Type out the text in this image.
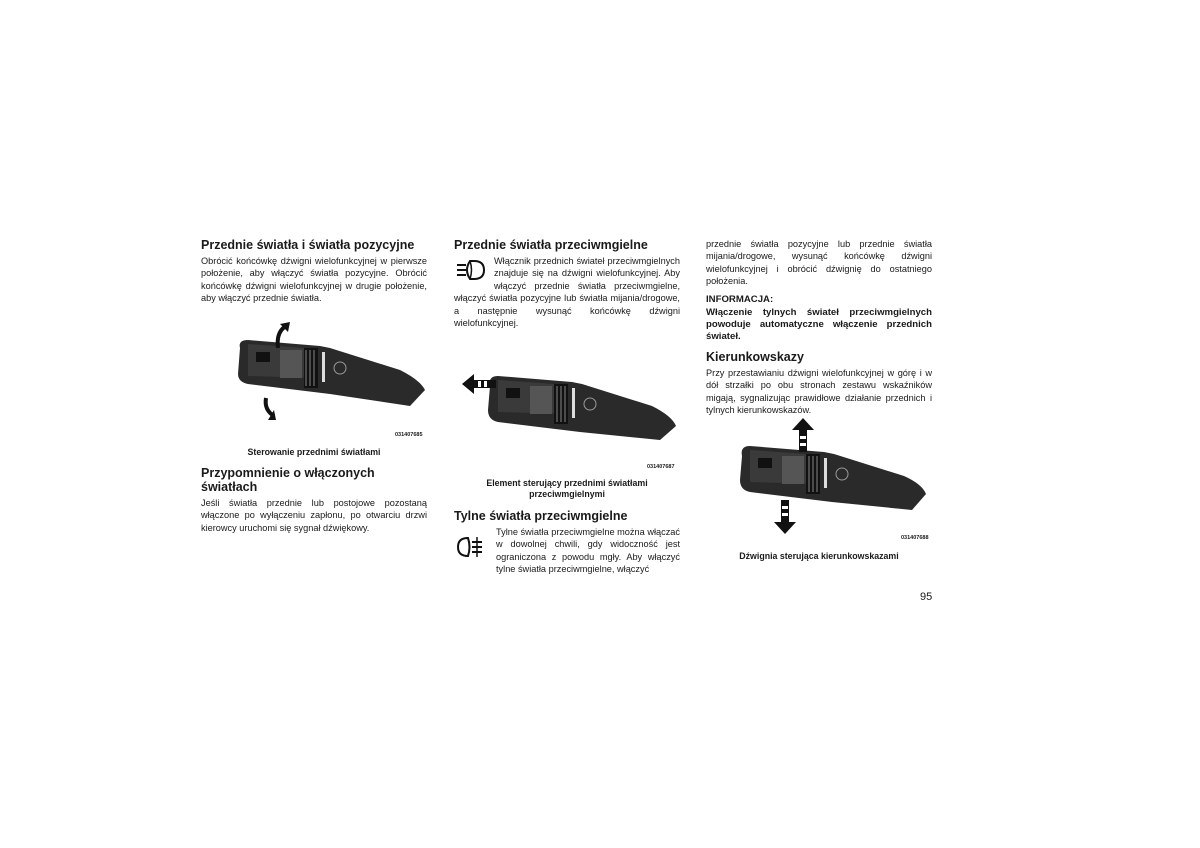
Przednie światła i światła pozycyjne

Obrócić końcówkę dźwigni wielofunkcyjnej w pierwsze położenie, aby włączyć światła pozycyjne. Obrócić końcówkę dźwigni wielofunkcyjnej w drugie położenie, aby włączyć przednie światła.

031407685
Sterowanie przednimi światłami
Przypomnienie o włączonych światłach

Jeśli światła przednie lub postojowe pozostaną włączone po wyłączeniu zapłonu, po otwarciu drzwi kierowcy uruchomi się sygnał dźwiękowy.

Przednie światła przeciwmgielne

Włącznik przednich świateł przeciwmgielnych znajduje się na dźwigni wielofunkcyjnej. Aby włączyć przednie światła przeciwmgielne, włączyć światła pozycyjne lub światła mijania/drogowe, a następnie wysunąć końcówkę dźwigni wielofunkcyjnej.

031407687
Element sterujący przednimi światłami przeciwmgielnymi
Tylne światła przeciwmgielne

Tylne światła przeciwmgielne można włączać w dowolnej chwili, gdy widoczność jest ograniczona z powodu mgły. Aby włączyć tylne światła przeciwmgielne, włączyć

przednie światła pozycyjne lub przednie światła mijania/drogowe, wysunąć końcówkę dźwigni wielofunkcyjnej i obrócić dźwignię do ostatniego położenia.

INFORMACJA:

Włączenie tylnych świateł przeciwmgielnych powoduje automatyczne włączenie przednich świateł.

Kierunkowskazy

Przy przestawianiu dźwigni wielofunkcyjnej w górę i w dół strzałki po obu stronach zestawu wskaźników migają, sygnalizując prawidłowe działanie przednich i tylnych kierunkowskazów.

031407688
Dźwignia sterująca kierunkowskazami
95
